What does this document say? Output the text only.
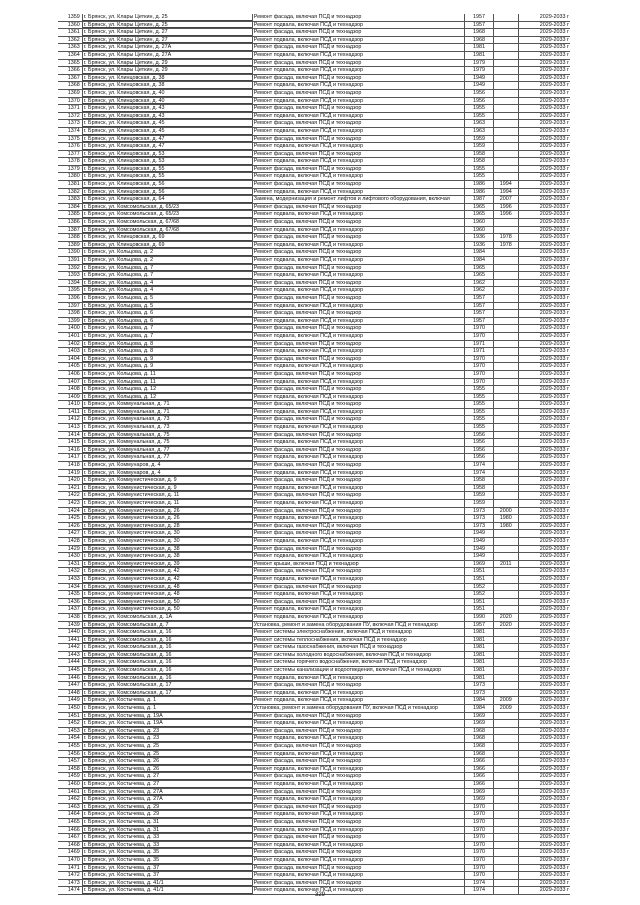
1359 г. Брянск, ул. Клары Цеткин, д. 25	Ремонт фасада, включая ПСД и технадзор	1957	2029-2033 г
1360 г. Брянск, ул. Клары Цеткин, д. 25	Ремонт подвала, включая ПСД и технадзор	1957	2029-2033 г
1361 г. Брянск, ул. Клары Цеткин, д. 27	Ремонт фасада, включая ПСД и технадзор	1968	2029-2033 г
1362 г. Брянск, ул. Клары Цеткин, д. 27	Ремонт подвала, включая ПСД и технадзор	1968	2029-2033 г
1363 г. Брянск, ул. Клары Цеткин, д. 27А	Ремонт фасада, включая ПСД и технадзор	1981	2029-2033 г
1364 г. Брянск, ул. Клары Цеткин, д. 27А	Ремонт подвала, включая ПСД и технадзор	1981	2029-2033 г
1365 г. Брянск, ул. Клары Цеткин, д. 29	Ремонт фасада, включая ПСД и технадзор	1979	2029-2033 г
1366 г. Брянск, ул. Клары Цеткин, д. 29	Ремонт подвала, включая ПСД и технадзор	1979	2029-2033 г
1367 г. Брянск, ул. Клинцовская, д. 38	Ремонт фасада, включая ПСД и технадзор	1949	2029-2033 г
1368 г. Брянск, ул. Клинцовская, д. 38	Ремонт подвала, включая ПСД и технадзор	1949	2029-2033 г
1369 г. Брянск, ул. Клинцовская, д. 40	Ремонт фасада, включая ПСД и технадзор	1956	2029-2033 г
1370 г. Брянск, ул. Клинцовская, д. 40	Ремонт подвала, включая ПСД и технадзор	1956	2029-2033 г
1371 г. Брянск, ул. Клинцовская, д. 43	Ремонт фасада, включая ПСД и технадзор	1955	2029-2033 г
1372 г. Брянск, ул. Клинцовская, д. 43	Ремонт подвала, включая ПСД и технадзор	1955	2029-2033 г
1373 г. Брянск, ул. Клинцовская, д. 45	Ремонт фасада, включая ПСД и технадзор	1963	2029-2033 г
1374 г. Брянск, ул. Клинцовская, д. 45	Ремонт подвала, включая ПСД и технадзор	1963	2029-2033 г
1375 г. Брянск, ул. Клинцовская, д. 47	Ремонт фасада, включая ПСД и технадзор	1959	2029-2033 г
1376 г. Брянск, ул. Клинцовская, д. 47	Ремонт подвала, включая ПСД и технадзор	1959	2029-2033 г
1377 г. Брянск, ул. Клинцовская, д. 53	Ремонт фасада, включая ПСД и технадзор	1958	2029-2033 г
1378 г. Брянск, ул. Клинцовская, д. 53	Ремонт подвала, включая ПСД и технадзор	1958	2029-2033 г
1379 г. Брянск, ул. Клинцовская, д. 55	Ремонт фасада, включая ПСД и технадзор	1955	2029-2033 г
1380 г. Брянск, ул. Клинцовская, д. 55	Ремонт подвала, включая ПСД и технадзор	1955	2029-2033 г
1381 г. Брянск, ул. Клинцовская, д. 56	Ремонт фасада, включая ПСД и технадзор	1986	1994	2029-2033 г
1382 г. Брянск, ул. Клинцовская, д. 56	Ремонт подвала, включая ПСД и технадзор	1986	1994	2029-2033 г
1383 г. Брянск, ул. Клинцовская, д. 64	Замена, модернизация и ремонт лифтов и лифтового оборудования, включая	1987	2007	2029-2033 г
1384 г. Брянск, ул. Комсомольская, д. 65/23	Ремонт фасада, включая ПСД и технадзор	1965	1996	2029-2033 г
1385 г. Брянск, ул. Комсомольская, д. 65/23	Ремонт подвала, включая ПСД и технадзор	1965	1996	2029-2033 г
1386 г. Брянск, ул. Комсомольская, д. 67/68	Ремонт фасада, включая ПСД и технадзор	1960	2029-2033 г
1387 г. Брянск, ул. Комсомольская, д. 67/68	Ремонт подвала, включая ПСД и технадзор	1960	2029-2033 г
1388 г. Брянск, ул. Клинцовская, д. 69	Ремонт фасада, включая ПСД и технадзор	1936	1978	2029-2033 г
1389 г. Брянск, ул. Клинцовская, д. 69	Ремонт подвала, включая ПСД и технадзор	1936	1978	2029-2033 г
1390 г. Брянск, ул. Кольцова, д. 2	Ремонт фасада, включая ПСД и технадзор	1984	2029-2033 г
1391 г. Брянск, ул. Кольцова, д. 2	Ремонт подвала, включая ПСД и технадзор	1984	2029-2033 г
1392 г. Брянск, ул. Кольцова, д. 7	Ремонт фасада, включая ПСД и технадзор	1965	2029-2033 г
1393 г. Брянск, ул. Кольцова, д. 7	Ремонт подвала, включая ПСД и технадзор	1965	2029-2033 г
1394 г. Брянск, ул. Кольцова, д. 4	Ремонт фасада, включая ПСД и технадзор	1962	2029-2033 г
1395 г. Брянск, ул. Кольцова, д. 4	Ремонт подвала, включая ПСД и технадзор	1962	2029-2033 г
1396 г. Брянск, ул. Кольцова, д. 5	Ремонт фасада, включая ПСД и технадзор	1957	2029-2033 г
1397 г. Брянск, ул. Кольцова, д. 5	Ремонт подвала, включая ПСД и технадзор	1957	2029-2033 г
1398 г. Брянск, ул. Кольцова, д. 6	Ремонт фасада, включая ПСД и технадзор	1957	2029-2033 г
1399 г. Брянск, ул. Кольцова, д. 6	Ремонт подвала, включая ПСД и технадзор	1957	2029-2033 г
1400 г. Брянск, ул. Кольцова, д. 7	Ремонт фасада, включая ПСД и технадзор	1970	2029-2033 г
1401 г. Брянск, ул. Кольцова, д. 7	Ремонт подвала, включая ПСД и технадзор	1970	2029-2033 г
1402 г. Брянск, ул. Кольцова, д. 8	Ремонт фасада, включая ПСД и технадзор	1971	2029-2033 г
1403 г. Брянск, ул. Кольцова, д. 8	Ремонт подвала, включая ПСД и технадзор	1971	2029-2033 г
1404 г. Брянск, ул. Кольцова, д. 9	Ремонт фасада, включая ПСД и технадзор	1970	2029-2033 г
1405 г. Брянск, ул. Кольцова, д. 9	Ремонт подвала, включая ПСД и технадзор	1970	2029-2033 г
1406 г. Брянск, ул. Кольцова, д. 11	Ремонт фасада, включая ПСД и технадзор	1970	2029-2033 г
1407 г. Брянск, ул. Кольцова, д. 11	Ремонт подвала, включая ПСД и технадзор	1970	2029-2033 г
1408 г. Брянск, ул. Кольцова, д. 12	Ремонт фасада, включая ПСД и технадзор	1955	2029-2033 г
1409 г. Брянск, ул. Кольцова, д. 12	Ремонт подвала, включая ПСД и технадзор	1955	2029-2033 г
1410 г. Брянск, ул. Коммунальная, д. 71	Ремонт фасада, включая ПСД и технадзор	1955	2029-2033 г
1411 г. Брянск, ул. Коммунальная, д. 71	Ремонт подвала, включая ПСД и технадзор	1955	2029-2033 г
1412 г. Брянск, ул. Коммунальная, д. 73	Ремонт фасада, включая ПСД и технадзор	1955	2029-2033 г
1413 г. Брянск, ул. Коммунальная, д. 73	Ремонт подвала, включая ПСД и технадзор	1955	2029-2033 г
1414 г. Брянск, ул. Коммунальная, д. 75	Ремонт фасада, включая ПСД и технадзор	1956	2029-2033 г
1415 г. Брянск, ул. Коммунальная, д. 75	Ремонт подвала, включая ПСД и технадзор	1956	2029-2033 г
1416 г. Брянск, ул. Коммунальная, д. 77	Ремонт фасада, включая ПСД и технадзор	1956	2029-2033 г
1417 г. Брянск, ул. Коммунальная, д. 77	Ремонт подвала, включая ПСД и технадзор	1956	2029-2033 г
1418 г. Брянск, ул. Коммунаров, д. 4	Ремонт фасада, включая ПСД и технадзор	1974	2029-2033 г
1419 г. Брянск, ул. Коммунаров, д. 4	Ремонт подвала, включая ПСД и технадзор	1974	2029-2033 г
1420 г. Брянск, ул. Коммунистическая, д. 9	Ремонт фасада, включая ПСД и технадзор	1958	2029-2033 г
1421 г. Брянск, ул. Коммунистическая, д. 9	Ремонт подвала, включая ПСД и технадзор	1958	2029-2033 г
1422 г. Брянск, ул. Коммунистическая, д. 11	Ремонт фасада, включая ПСД и технадзор	1959	2029-2033 г
1423 г. Брянск, ул. Коммунистическая, д. 11	Ремонт подвала, включая ПСД и технадзор	1959	2029-2033 г
1424 г. Брянск, ул. Коммунистическая, д. 26	Ремонт фасада, включая ПСД и технадзор	1973	2000	2029-2033 г
1425 г. Брянск, ул. Коммунистическая, д. 26	Ремонт подвала, включая ПСД и технадзор	1973	1980	2029-2033 г
1426 г. Брянск, ул. Коммунистическая, д. 28	Ремонт фасада, включая ПСД и технадзор	1973	1980	2029-2033 г
1427 г. Брянск, ул. Коммунистическая, д. 30	Ремонт фасада, включая ПСД и технадзор	1949	2029-2033 г
1428 г. Брянск, ул. Коммунистическая, д. 30	Ремонт подвала, включая ПСД и технадзор	1949	2029-2033 г
1429 г. Брянск, ул. Коммунистическая, д. 38	Ремонт фасада, включая ПСД и технадзор	1949	2029-2033 г
1430 г. Брянск, ул. Коммунистическая, д. 38	Ремонт подвала, включая ПСД и технадзор	1949	2029-2033 г
1431 г. Брянск, ул. Коммунистическая, д. 39	Ремонт крыши, включая ПСД и технадзор	1969	2011	2029-2033 г
1432 г. Брянск, ул. Коммунистическая, д. 42	Ремонт фасада, включая ПСД и технадзор	1951	2029-2033 г
1433 г. Брянск, ул. Коммунистическая, д. 42	Ремонт подвала, включая ПСД и технадзор	1951	2029-2033 г
1434 г. Брянск, ул. Коммунистическая, д. 48	Ремонт фасада, включая ПСД и технадзор	1952	2029-2033 г
1435 г. Брянск, ул. Коммунистическая, д. 48	Ремонт подвала, включая ПСД и технадзор	1952	2029-2033 г
1436 г. Брянск, ул. Коммунистическая, д. 50	Ремонт фасада, включая ПСД и технадзор	1951	2029-2033 г
1437 г. Брянск, ул. Коммунистическая, д. 50	Ремонт подвала, включая ПСД и технадзор	1951	2029-2033 г
1438 г. Брянск, ул. Комсомольская, д. 1А	Ремонт подвала, включая ПСД и технадзор	1990	2020	2029-2033 г
1439 г. Брянск, ул. Комсомольская, д. 7	Установка, ремонт и замена оборудования ПУ, включая ПСД и технадзор	1957	2020	2029-2033 г
1440 г. Брянск, ул. Комсомольская, д. 16	Ремонт системы электроснабжения, включая ПСД и технадзор	1981	2029-2033 г
1441 г. Брянск, ул. Комсомольская, д. 16	Ремонт системы теплоснабжения, включая ПСД и технадзор	1981	2029-2033 г
1442 г. Брянск, ул. Комсомольская, д. 16	Ремонт системы газоснабжения, включая ПСД и технадзор	1981	2029-2033 г
1443 г. Брянск, ул. Комсомольская, д. 16	Ремонт системы холодного водоснабжения, включая ПСД и технадзор	1981	2029-2033 г
1444 г. Брянск, ул. Комсомольская, д. 16	Ремонт системы горячего водоснабжения, включая ПСД и технадзор	1981	2029-2033 г
1445 г. Брянск, ул. Комсомольская, д. 16	Ремонт системы канализации и водоотведения, включая ПСД и технадзор	1981	2029-2033 г
1446 г. Брянск, ул. Комсомольская, д. 16	Ремонт подвала, включая ПСД и технадзор	1981	2029-2033 г
1447 г. Брянск, ул. Комсомольская, д. 17	Ремонт фасада, включая ПСД и технадзор	1973	2029-2033 г
1448 г. Брянск, ул. Комсомольская, д. 17	Ремонт подвала, включая ПСД и технадзор	1973	2029-2033 г
1449 г. Брянск, ул. Костычева, д. 1	Ремонт подвала, включая ПСД и технадзор	1984	2009	2029-2033 г
1450 г. Брянск, ул. Костычева, д. 1	Установка, ремонт и замена оборудования ПУ, включая ПСД и технадзор	1984	2009	2029-2033 г
1451 г. Брянск, ул. Костычева, д. 19А	Ремонт фасада, включая ПСД и технадзор	1969	2029-2033 г
1452 г. Брянск, ул. Костычева, д. 19А	Ремонт подвала, включая ПСД и технадзор	1969	2029-2033 г
1453 г. Брянск, ул. Костычева, д. 23	Ремонт фасада, включая ПСД и технадзор	1968	2029-2033 г
1454 г. Брянск, ул. Костычева, д. 23	Ремонт подвала, включая ПСД и технадзор	1968	2029-2033 г
1455 г. Брянск, ул. Костычева, д. 25	Ремонт фасада, включая ПСД и технадзор	1968	2029-2033 г
1456 г. Брянск, ул. Костычева, д. 25	Ремонт подвала, включая ПСД и технадзор	1968	2029-2033 г
1457 г. Брянск, ул. Костычева, д. 26	Ремонт фасада, включая ПСД и технадзор	1966	2029-2033 г
1458 г. Брянск, ул. Костычева, д. 26	Ремонт подвала, включая ПСД и технадзор	1966	2029-2033 г
1459 г. Брянск, ул. Костычева, д. 27	Ремонт фасада, включая ПСД и технадзор	1966	2029-2033 г
1460 г. Брянск, ул. Костычева, д. 27	Ремонт подвала, включая ПСД и технадзор	1966	2029-2033 г
1461 г. Брянск, ул. Костычева, д. 27А	Ремонт фасада, включая ПСД и технадзор	1969	2029-2033 г
1462 г. Брянск, ул. Костычева, д. 27А	Ремонт подвала, включая ПСД и технадзор	1969	2029-2033 г
1463 г. Брянск, ул. Костычева, д. 29	Ремонт фасада, включая ПСД и технадзор	1970	2029-2033 г
1464 г. Брянск, ул. Костычева, д. 29	Ремонт подвала, включая ПСД и технадзор	1970	2029-2033 г
1465 г. Брянск, ул. Костычева, д. 31	Ремонт фасада, включая ПСД и технадзор	1970	2029-2033 г
1466 г. Брянск, ул. Костычева, д. 31	Ремонт подвала, включая ПСД и технадзор	1970	2029-2033 г
1467 г. Брянск, ул. Костычева, д. 33	Ремонт фасада, включая ПСД и технадзор	1970	2029-2033 г
1468 г. Брянск, ул. Костычева, д. 33	Ремонт подвала, включая ПСД и технадзор	1970	2029-2033 г
1469 г. Брянск, ул. Костычева, д. 35	Ремонт фасада, включая ПСД и технадзор	1970	2029-2033 г
1470 г. Брянск, ул. Костычева, д. 35	Ремонт подвала, включая ПСД и технадзор	1970	2029-2033 г
1471 г. Брянск, ул. Костычева, д. 37	Ремонт фасада, включая ПСД и технадзор	1970	2029-2033 г
1472 г. Брянск, ул. Костычева, д. 37	Ремонт подвала, включая ПСД и технадзор	1970	2029-2033 г
1473 г. Брянск, ул. Костычева, д. 41/1	Ремонт фасада, включая ПСД и технадзор	1974	2029-2033 г
1474 г. Брянск, ул. Костычева, д. 41/1	Ремонт подвала, включая ПСД и технадзор	1974	2029-2033 г
329
